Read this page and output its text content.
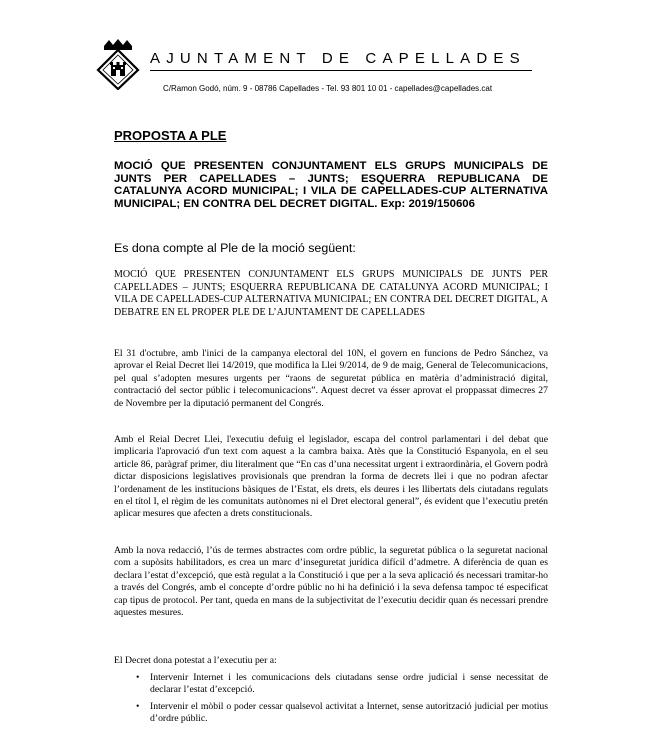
AJUNTAMENT DE CAPELLADES
C/Ramon Godó, núm. 9 - 08786 Capellades - Tel. 93 801 10 01 - capellades@capellades.cat
PROPOSTA A PLE
MOCIÓ QUE PRESENTEN CONJUNTAMENT ELS GRUPS MUNICIPALS DE JUNTS PER CAPELLADES – JUNTS; ESQUERRA REPUBLICANA DE CATALUNYA ACORD MUNICIPAL; I VILA DE CAPELLADES-CUP ALTERNATIVA MUNICIPAL; EN CONTRA DEL DECRET DIGITAL. Exp: 2019/150606
Es dona compte al Ple de la moció següent:
MOCIÓ QUE PRESENTEN CONJUNTAMENT ELS GRUPS MUNICIPALS DE JUNTS PER CAPELLADES – JUNTS; ESQUERRA REPUBLICANA DE CATALUNYA ACORD MUNICIPAL; I VILA DE CAPELLADES-CUP ALTERNATIVA MUNICIPAL; EN CONTRA DEL DECRET DIGITAL, A DEBATRE EN EL PROPER PLE DE L’AJUNTAMENT DE CAPELLADES
El 31 d'octubre, amb l'inici de la campanya electoral del 10N, el govern en funcions de Pedro Sánchez, va aprovar el Reial Decret llei 14/2019, que modifica la Llei 9/2014, de 9 de maig, General de Telecomunicacions, pel qual s’adopten mesures urgents per “raons de seguretat pública en matèria d’administració digital, contractació del sector públic i telecomunicacions”. Aquest decret va ésser aprovat el proppassat dimecres 27 de Novembre per la diputació permanent del Congrés.
Amb el Reial Decret Llei, l'executiu defuig el legislador, escapa del control parlamentari i del debat que implicaria l'aprovació d'un text com aquest a la cambra baixa. Atès que la Constitució Espanyola, en el seu article 86, paràgraf primer, diu literalment que “En cas d’una necessitat urgent i extraordinària, el Govern podrà dictar disposicions legislatives provisionals que prendran la forma de decrets llei i que no podran afectar l’ordenament de les institucions bàsiques de l’Estat, els drets, els deures i les llibertats dels ciutadans regulats en el títol I, el règim de les comunitats autònomes ni el Dret electoral general”, és evident que l’executiu pretén aplicar mesures que afecten a drets constitucionals.
Amb la nova redacció, l’ús de termes abstractes com ordre públic, la seguretat pública o la seguretat nacional com a supòsits habilitadors, es crea un marc d’inseguretat jurídica difícil d’admetre. A diferència de quan es declara l’estat d’excepció, que està regulat a la Constitució i que per a la seva aplicació és necessari tramitar-ho a través del Congrés, amb el concepte d’ordre públic no hi ha definició i la seva defensa tampoc té especificat cap tipus de protocol. Per tant, queda en mans de la subjectivitat de l’executiu decidir quan és necessari prendre aquestes mesures.
El Decret dona potestat a l’executiu per a:
• Intervenir Internet i les comunicacions dels ciutadans sense ordre judicial i sense necessitat de declarar l’estat d’excepció.
• Intervenir el mòbil o poder cessar qualsevol activitat a Internet, sense autorització judicial per motius d’ordre públic.
